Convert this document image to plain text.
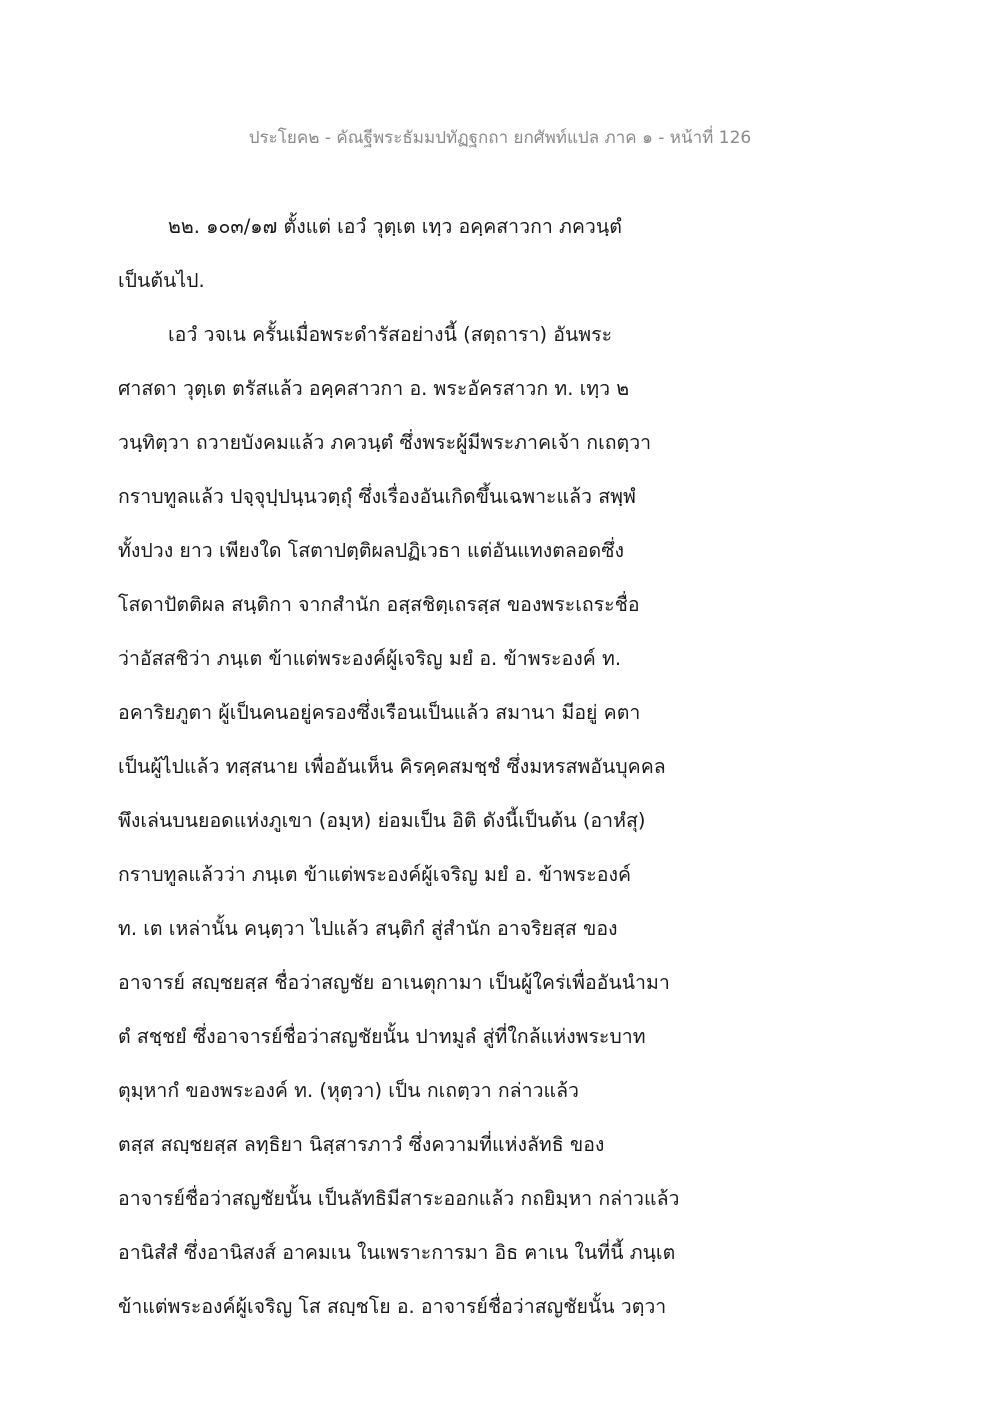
ประโยค๒ - คัณฐีพระธัมมปทัฏฐกถา ยกศัพท์แปล ภาค ๑ - หน้าที่ 126
๒๒. ๑๐๓/๑๗ ตั้งแต่ เอวํ วุตฺเต เทฺว อคฺคสาวกา ภควนฺตํ
เป็นต้นไป.
เอวํ วจเน ครั้นเมื่อพระดำรัสอย่างนี้ (สตฺถารา) อันพระ
ศาสดา วุตฺเต ตรัสแล้ว อคฺคสาวกา อ. พระอัครสาวก ท. เทฺว ๒
วนฺทิตฺวา ถวายบังคมแล้ว ภควนฺตํ ซึ่งพระผู้มีพระภาคเจ้า กเถตฺวา
กราบทูลแล้ว ปจฺจุปฺปนฺนวตฺถุํ ซึ่งเรื่องอันเกิดขึ้นเฉพาะแล้ว สพฺพํ
ทั้งปวง ยาว เพียงใด โสตาปตฺติผลปฏิเวธา แต่อันแทงตลอดซึ่ง
โสดาปัตติผล สนฺติกา จากสำนัก อสฺสชิตฺเถรสฺส ของพระเถระชื่อ
ว่าอัสสชิว่า ภนฺเต ข้าแต่พระองค์ผู้เจริญ มยํ อ. ข้าพระองค์ ท.
อคาริยภูตา ผู้เป็นคนอยู่ครองซึ่งเรือนเป็นแล้ว สมานา มีอยู่ คตา
เป็นผู้ไปแล้ว ทสฺสนาย เพื่ออันเห็น คิรคฺคสมชฺชํ ซึ่งมหรสพอันบุคคล
พึงเล่นบนยอดแห่งภูเขา (อมฺห) ย่อมเป็น อิติ ดังนี้เป็นต้น (อาหํสุ)
กราบทูลแล้วว่า ภนฺเต ข้าแต่พระองค์ผู้เจริญ มยํ อ. ข้าพระองค์
ท. เต เหล่านั้น คนฺตฺวา ไปแล้ว สนฺติกํ สู่สำนัก อาจริยสฺส ของ
อาจารย์ สญฺชยสฺส ชื่อว่าสญชัย อาเนตุกามา เป็นผู้ใคร่เพื่ออันนำมา
ตํ สชฺชยํ ซึ่งอาจารย์ชื่อว่าสญชัยนั้น ปาทมูลํ สู่ที่ใกล้แห่งพระบาท
ตุมฺหากํ ของพระองค์ ท. (หุตฺวา) เป็น กเถตฺวา กล่าวแล้ว
ตสฺส สญฺชยสฺส ลทฺธิยา นิสฺสารภาวํ ซึ่งความที่แห่งลัทธิ ของ
อาจารย์ชื่อว่าสญชัยนั้น เป็นลัทธิมีสาระออกแล้ว กถยิมฺหา กล่าวแล้ว
อานิสํสํ ซึ่งอานิสงส์ อาคมเน ในเพราะการมา อิธ ฅาเน ในที่นี้ ภนฺเต
ข้าแต่พระองค์ผู้เจริญ โส สญฺชโย อ. อาจารย์ชื่อว่าสญชัยนั้น วตฺวา
